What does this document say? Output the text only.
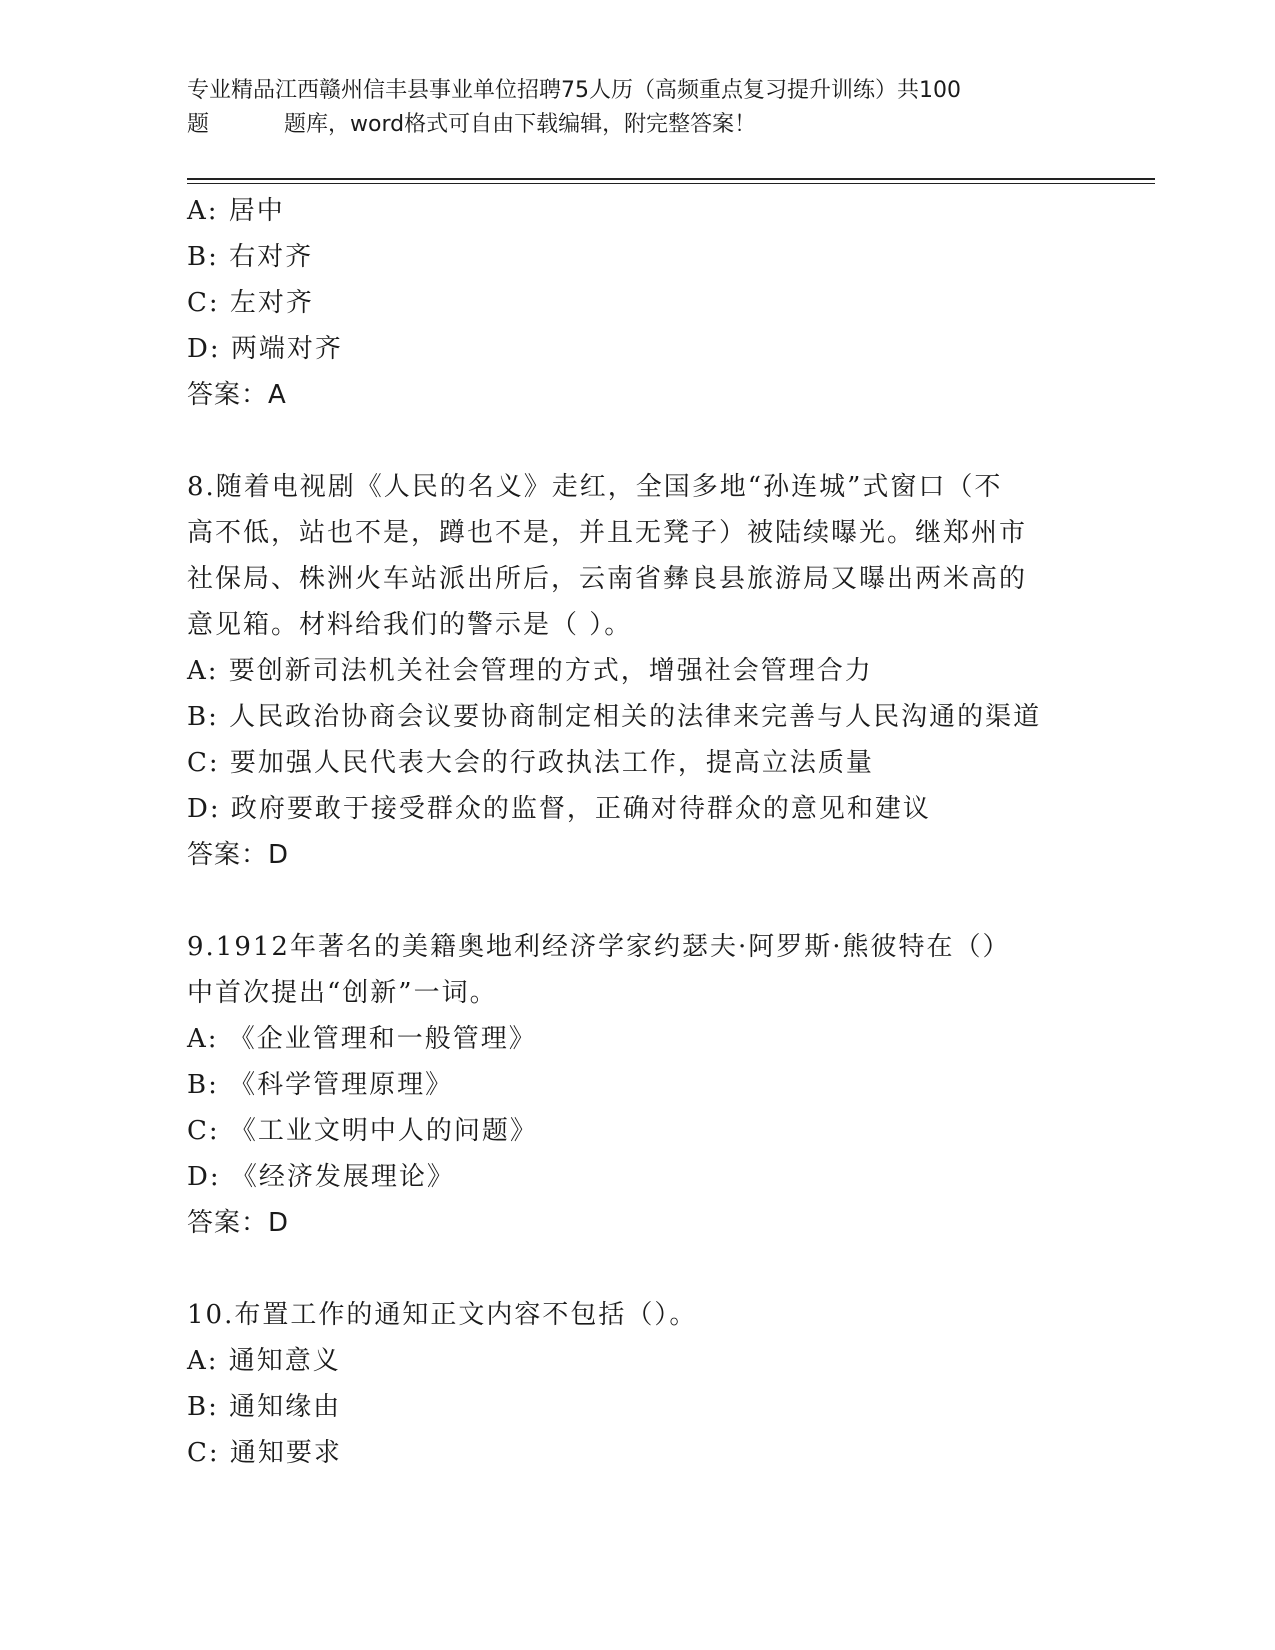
专业精品江西赣州信丰县事业单位招聘75人历（高频重点复习提升训练）共100
题	题库，word格式可自由下载编辑，附完整答案！
A: 居中
B: 右对齐
C: 左对齐
D: 两端对齐
答案：A
8.随着电视剧《人民的名义》走红，全国多地“孙连城”式窗口（不
高不低，站也不是，蹲也不是，并且无凳子）被陆续曝光。继郑州市
社保局、株洲火车站派出所后，云南省彝良县旅游局又曝出两米高的
意见箱。材料给我们的警示是（ ）。
A: 要创新司法机关社会管理的方式，增强社会管理合力
B: 人民政治协商会议要协商制定相关的法律来完善与人民沟通的渠道
C: 要加强人民代表大会的行政执法工作，提高立法质量
D: 政府要敢于接受群众的监督，正确对待群众的意见和建议
答案：D
9.1912年著名的美籍奥地利经济学家约瑟夫·阿罗斯·熊彼特在（）
中首次提出“创新”一词。
A: 《企业管理和一般管理》
B: 《科学管理原理》
C: 《工业文明中人的问题》
D: 《经济发展理论》
答案：D
10.布置工作的通知正文内容不包括（）。
A: 通知意义
B: 通知缘由
C: 通知要求
